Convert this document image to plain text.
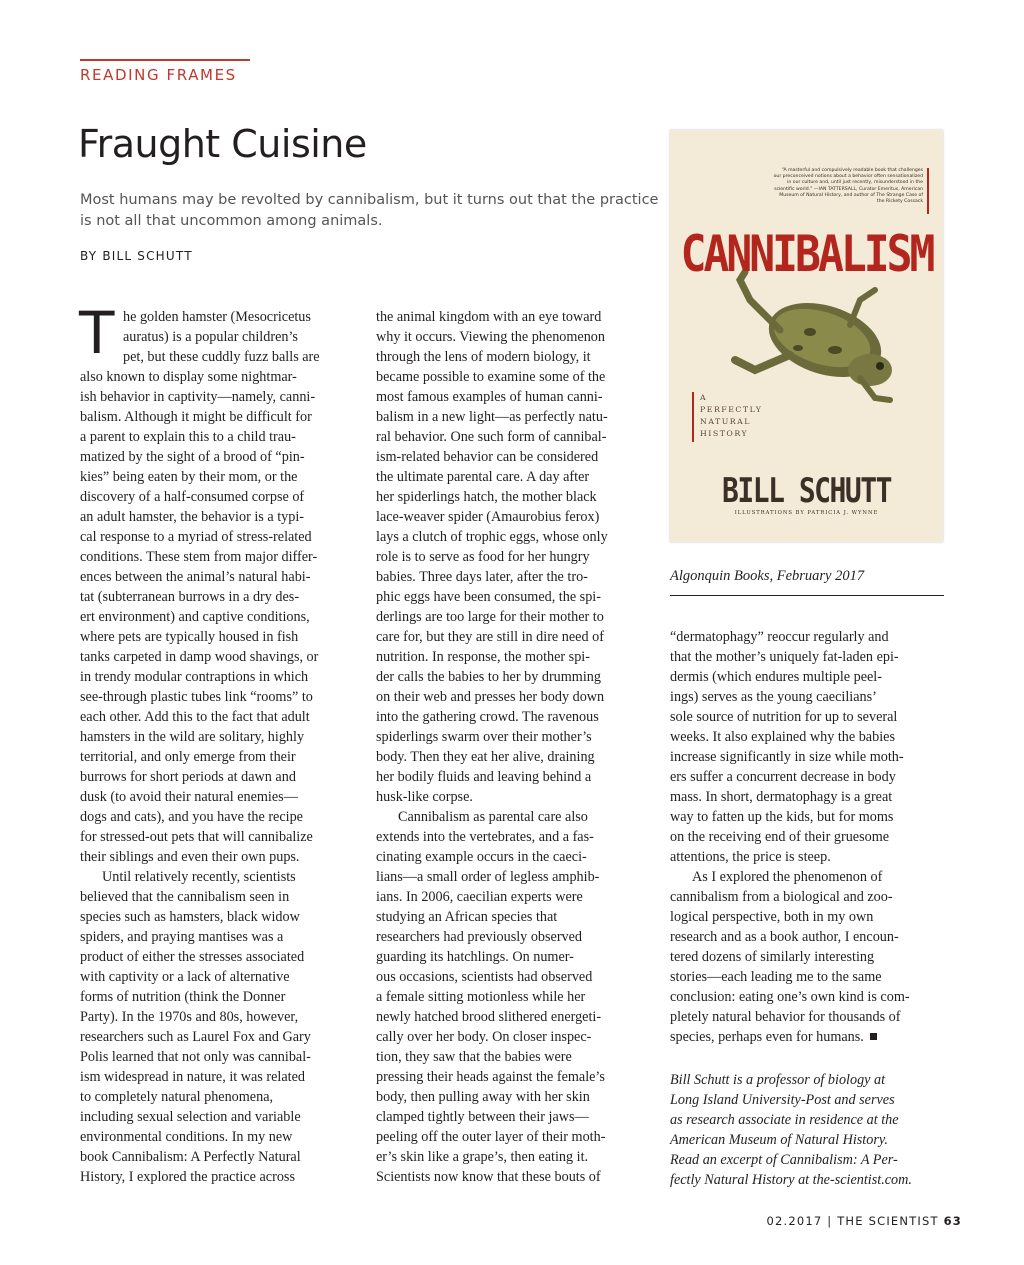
READING FRAMES
Fraught Cuisine

Most humans may be revolted by cannibalism, but it turns out that the practice is not all that uncommon among animals.

BY BILL SCHUTT
T he golden hamster (Mesocricetus
auratus) is a popular children’s
pet, but these cuddly fuzz balls are
also known to display some nightmar-
ish behavior in captivity—namely, canni-
balism. Although it might be difficult for
a parent to explain this to a child trau-
matized by the sight of a brood of “pin-
kies” being eaten by their mom, or the
discovery of a half-consumed corpse of
an adult hamster, the behavior is a typi-
cal response to a myriad of stress-related
conditions. These stem from major differ-
ences between the animal’s natural habi-
tat (subterranean burrows in a dry des-
ert environment) and captive conditions,
where pets are typically housed in fish
tanks carpeted in damp wood shavings, or
in trendy modular contraptions in which
see-through plastic tubes link “rooms” to
each other. Add this to the fact that adult
hamsters in the wild are solitary, highly
territorial, and only emerge from their
burrows for short periods at dawn and
dusk (to avoid their natural enemies—
dogs and cats), and you have the recipe
for stressed-out pets that will cannibalize
their siblings and even their own pups.
Until relatively recently, scientists
believed that the cannibalism seen in
species such as hamsters, black widow
spiders, and praying mantises was a
product of either the stresses associated
with captivity or a lack of alternative
forms of nutrition (think the Donner
Party). In the 1970s and 80s, however,
researchers such as Laurel Fox and Gary
Polis learned that not only was cannibal-
ism widespread in nature, it was related
to completely natural phenomena,
including sexual selection and variable
environmental conditions. In my new
book Cannibalism: A Perfectly Natural
History, I explored the practice across
the animal kingdom with an eye toward
why it occurs. Viewing the phenomenon
through the lens of modern biology, it
became possible to examine some of the
most famous examples of human canni-
balism in a new light—as perfectly natu-
ral behavior. One such form of cannibal-
ism-related behavior can be considered
the ultimate parental care. A day after
her spiderlings hatch, the mother black
lace-weaver spider (Amaurobius ferox)
lays a clutch of trophic eggs, whose only
role is to serve as food for her hungry
babies. Three days later, after the tro-
phic eggs have been consumed, the spi-
derlings are too large for their mother to
care for, but they are still in dire need of
nutrition. In response, the mother spi-
der calls the babies to her by drumming
on their web and presses her body down
into the gathering crowd. The ravenous
spiderlings swarm over their mother’s
body. Then they eat her alive, draining
her bodily fluids and leaving behind a
husk-like corpse.
Cannibalism as parental care also
extends into the vertebrates, and a fas-
cinating example occurs in the caeci-
lians—a small order of legless amphib-
ians. In 2006, caecilian experts were
studying an African species that
researchers had previously observed
guarding its hatchlings. On numer-
ous occasions, scientists had observed
a female sitting motionless while her
newly hatched brood slithered energeti-
cally over her body. On closer inspec-
tion, they saw that the babies were
pressing their heads against the female’s
body, then pulling away with her skin
clamped tightly between their jaws—
peeling off the outer layer of their moth-
er’s skin like a grape’s, then eating it.
Scientists now know that these bouts of
“A masterful and compulsively readable book that challenges our preconceived notions about a behavior often sensationalized in our culture and, until just recently, misunderstood in the scientific world.” —IAN TATTERSALL, Curator Emeritus, American Museum of Natural History, and author of The Strange Case of the Rickety Cossack
CANNIBALISM
A
PERFECTLY
NATURAL
HISTORY
BILL SCHUTT
ILLUSTRATIONS BY PATRICIA J. WYNNE
Algonquin Books, February 2017
“dermatophagy” reoccur regularly and
that the mother’s uniquely fat-laden epi-
dermis (which endures multiple peel-
ings) serves as the young caecilians’
sole source of nutrition for up to several
weeks. It also explained why the babies
increase significantly in size while moth-
ers suffer a concurrent decrease in body
mass. In short, dermatophagy is a great
way to fatten up the kids, but for moms
on the receiving end of their gruesome
attentions, the price is steep.
As I explored the phenomenon of
cannibalism from a biological and zoo-
logical perspective, both in my own
research and as a book author, I encoun-
tered dozens of similarly interesting
stories—each leading me to the same
conclusion: eating one’s own kind is com-
pletely natural behavior for thousands of
species, perhaps even for humans.
Bill Schutt is a professor of biology at
Long Island University-Post and serves
as research associate in residence at the
American Museum of Natural History.
Read an excerpt of Cannibalism: A Per-
fectly Natural History at the-scientist.com.
02.2017 | THE SCIENTIST 63
